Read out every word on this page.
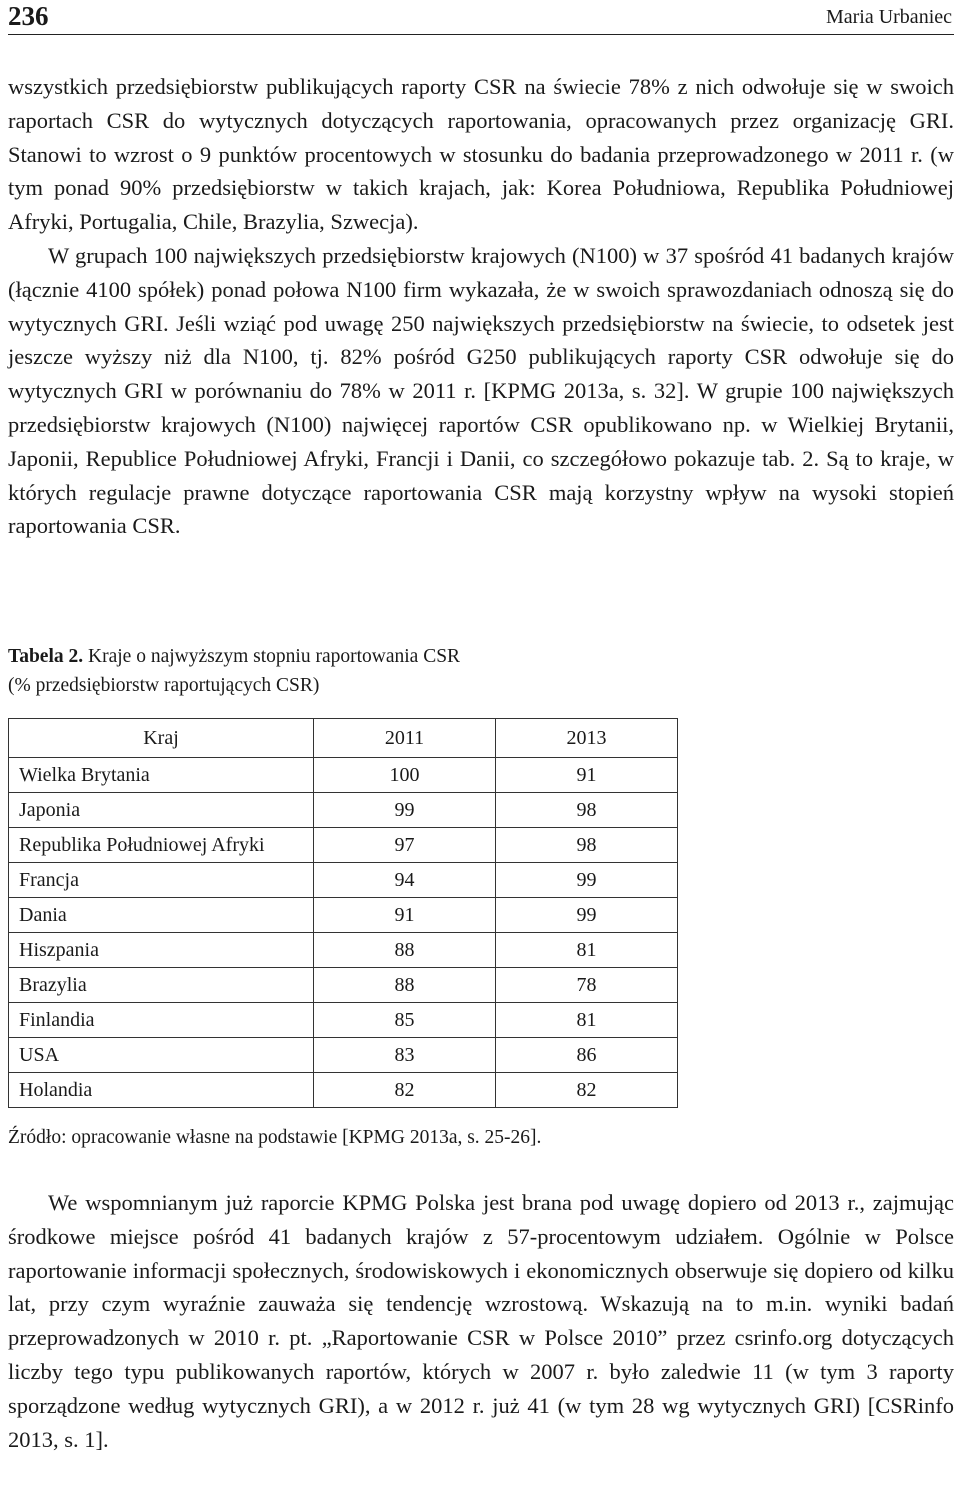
236	Maria Urbaniec

wszystkich przedsiębiorstw publikujących raporty CSR na świecie 78% z nich odwołuje się w swoich raportach CSR do wytycznych dotyczących raportowania, opracowanych przez organizację GRI. Stanowi to wzrost o 9 punktów procentowych w stosunku do badania przeprowadzonego w 2011 r. (w tym ponad 90% przedsiębiorstw w takich krajach, jak: Korea Południowa, Republika Południowej Afryki, Portugalia, Chile, Brazylia, Szwecja).
W grupach 100 największych przedsiębiorstw krajowych (N100) w 37 spośród 41 badanych krajów (łącznie 4100 spółek) ponad połowa N100 firm wykazała, że w swoich sprawozdaniach odnoszą się do wytycznych GRI. Jeśli wziąć pod uwagę 250 największych przedsiębiorstw na świecie, to odsetek jest jeszcze wyższy niż dla N100, tj. 82% pośród G250 publikujących raporty CSR odwołuje się do wytycznych GRI w porównaniu do 78% w 2011 r. [KPMG 2013a, s. 32]. W grupie 100 największych przedsiębiorstw krajowych (N100) najwięcej raportów CSR opublikowano np. w Wielkiej Brytanii, Japonii, Republice Południowej Afryki, Francji i Danii, co szczegółowo pokazuje tab. 2. Są to kraje, w których regulacje prawne dotyczące raportowania CSR mają korzystny wpływ na wysoki stopień raportowania CSR.

Tabela 2. Kraje o najwyższym stopniu raportowania CSR
(% przedsiębiorstw raportujących CSR)

Kraj	2011	2013
Wielka Brytania	100	91
Japonia	99	98
Republika Południowej Afryki	97	98
Francja	94	99
Dania	91	99
Hiszpania	88	81
Brazylia	88	78
Finlandia	85	81
USA	83	86
Holandia	82	82

Źródło: opracowanie własne na podstawie [KPMG 2013a, s. 25-26].

We wspomnianym już raporcie KPMG Polska jest brana pod uwagę dopiero od 2013 r., zajmując środkowe miejsce pośród 41 badanych krajów z 57-procentowym udziałem. Ogólnie w Polsce raportowanie informacji społecznych, środowiskowych i ekonomicznych obserwuje się dopiero od kilku lat, przy czym wyraźnie zauważa się tendencję wzrostową. Wskazują na to m.in. wyniki badań przeprowadzonych w 2010 r. pt. „Raportowanie CSR w Polsce 2010” przez csrinfo.org dotyczących liczby tego typu publikowanych raportów, których w 2007 r. było zaledwie 11 (w tym 3 raporty sporządzone według wytycznych GRI), a w 2012 r. już 41 (w tym 28 wg wytycznych GRI) [CSRinfo 2013, s. 1].
